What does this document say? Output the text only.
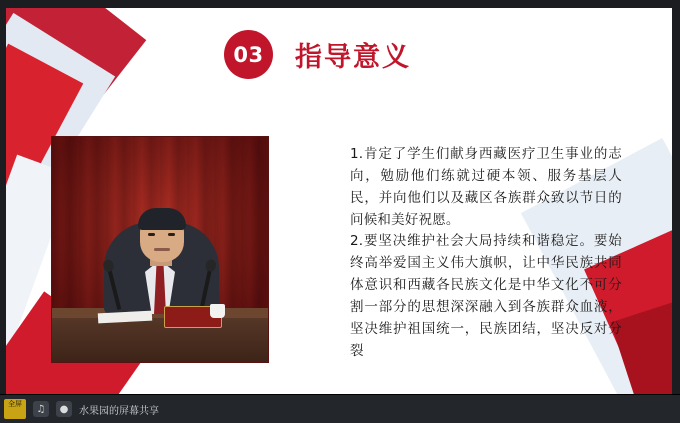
03	指导意义

1.肯定了学生们献身西藏医疗卫生事业的志向，勉励他们练就过硬本领、服务基层人民，并向他们以及藏区各族群众致以节日的问候和美好祝愿。

2.要坚决维护社会大局持续和谐稳定。要始终高举爱国主义伟大旗帜，让中华民族共同体意识和西藏各民族文化是中华文化不可分割一部分的思想深深融入到各族群众血液，坚决维护祖国统一，民族团结，坚决反对分裂

全屏	♫	●	水果园的屏幕共享
